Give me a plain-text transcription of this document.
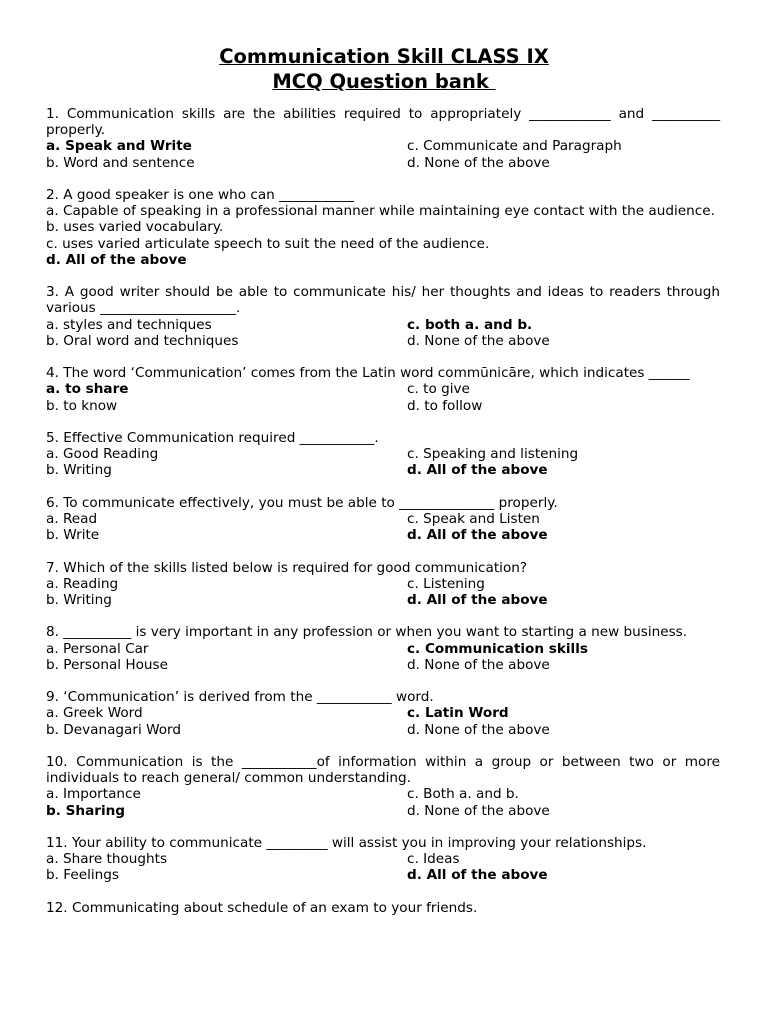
Communication Skill CLASS IX
MCQ Question bank
1. Communication skills are the abilities required to appropriately ____________ and __________ properly.
a. Speak and Write	c. Communicate and Paragraph
b. Word and sentence	d. None of the above
2. A good speaker is one who can ___________
a. Capable of speaking in a professional manner while maintaining eye contact with the audience.
b. uses varied vocabulary.
c. uses varied articulate speech to suit the need of the audience.
d. All of the above
3. A good writer should be able to communicate his/ her thoughts and ideas to readers through various ____________________.
a. styles and techniques	c. both a. and b.
b. Oral word and techniques	d. None of the above
4. The word ‘Communication’ comes from the Latin word commūnicāre, which indicates ______
a. to share	c. to give
b. to know	d. to follow
5. Effective Communication required ___________.
a. Good Reading	c. Speaking and listening
b. Writing	d. All of the above
6. To communicate effectively, you must be able to ______________ properly.
a. Read	c. Speak and Listen
b. Write	d. All of the above
7. Which of the skills listed below is required for good communication?
a. Reading	c. Listening
b. Writing	d. All of the above
8. __________ is very important in any profession or when you want to starting a new business.
a. Personal Car	c. Communication skills
b. Personal House	d. None of the above
9. ‘Communication’ is derived from the ___________ word.
a. Greek Word	c. Latin Word
b. Devanagari Word	d. None of the above
10. Communication is the ___________of information within a group or between two or more individuals to reach general/ common understanding.
a. Importance	c. Both a. and b.
b. Sharing	d. None of the above
11. Your ability to communicate _________ will assist you in improving your relationships.
a. Share thoughts	c. Ideas
b. Feelings	d. All of the above
12. Communicating about schedule of an exam to your friends.
